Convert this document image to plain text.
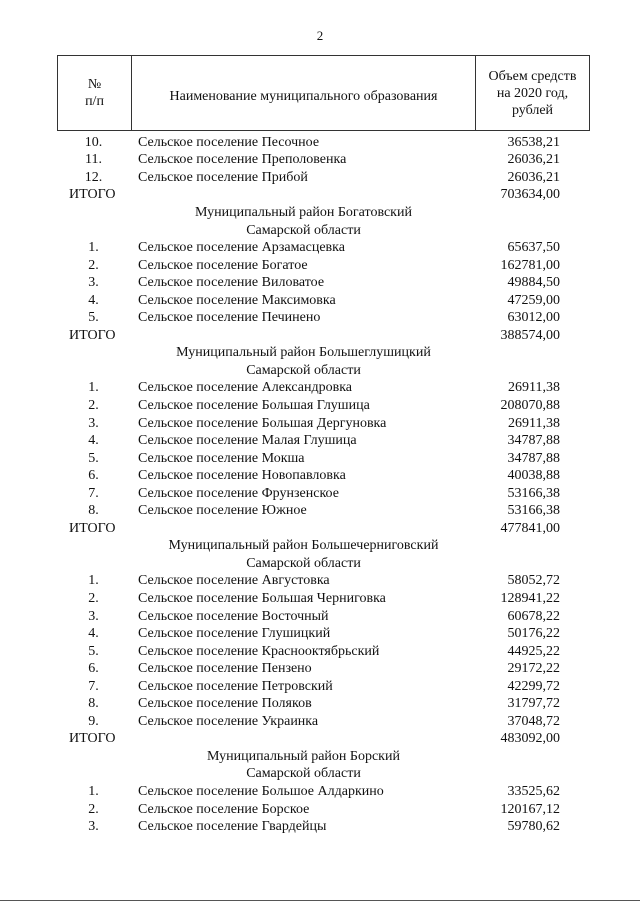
2
№
п/п	Наименование муниципального образования
Объем средств
на 2020 год,
рублей
10.	Сельское поселение Песочное	36538,21
11.	Сельское поселение Преполовенка	26036,21
12.	Сельское поселение Прибой	26036,21
ИТОГО	703634,00
Муниципальный район Богатовский
Самарской области
1.	Сельское поселение Арзамасцевка	65637,50
2.	Сельское поселение Богатое	162781,00
3.	Сельское поселение Виловатое	49884,50
4.	Сельское поселение Максимовка	47259,00
5.	Сельское поселение Печинено	63012,00
ИТОГО	388574,00
Муниципальный район Большеглушицкий
Самарской области
1.	Сельское поселение Александровка	26911,38
2.	Сельское поселение Большая Глушица	208070,88
3.	Сельское поселение Большая Дергуновка	26911,38
4.	Сельское поселение Малая Глушица	34787,88
5.	Сельское поселение Мокша	34787,88
6.	Сельское поселение Новопавловка	40038,88
7.	Сельское поселение Фрунзенское	53166,38
8.	Сельское поселение Южное	53166,38
ИТОГО	477841,00
Муниципальный район Большечерниговский
Самарской области
1.	Сельское поселение Августовка	58052,72
2.	Сельское поселение Большая Черниговка	128941,22
3.	Сельское поселение Восточный	60678,22
4.	Сельское поселение Глушицкий	50176,22
5.	Сельское поселение Краснооктябрьский	44925,22
6.	Сельское поселение Пензено	29172,22
7.	Сельское поселение Петровский	42299,72
8.	Сельское поселение Поляков	31797,72
9.	Сельское поселение Украинка	37048,72
ИТОГО	483092,00
Муниципальный район Борский
Самарской области
1.	Сельское поселение Большое Алдаркино	33525,62
2.	Сельское поселение Борское	120167,12
3.	Сельское поселение Гвардейцы	59780,62
